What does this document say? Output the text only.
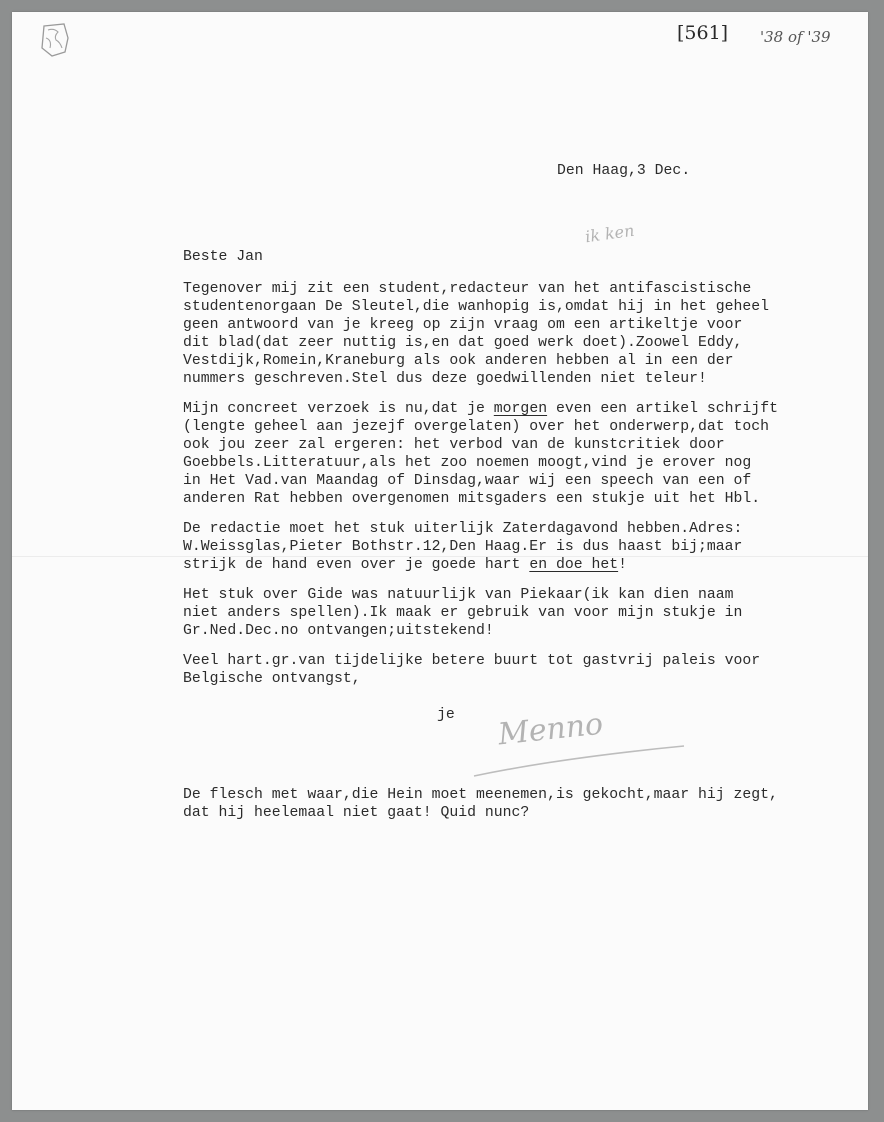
[561] '38 of '39
Den Haag,3 Dec.
ik ken
Beste Jan
Tegenover mij zit een student,redacteur van het antifascistische
studentenorgaan De Sleutel,die wanhopig is,omdat hij in het geheel
geen antwoord van je kreeg op zijn vraag om een artikeltje voor
dit blad(dat zeer nuttig is,en dat goed werk doet).Zoowel Eddy,
Vestdijk,Romein,Kraneburg als ook anderen hebben al in een der
nummers geschreven.Stel dus deze goedwillenden niet teleur!
Mijn concreet verzoek is nu,dat je morgen even een artikel schrijft
(lengte geheel aan jezejf overgelaten) over het onderwerp,dat toch
ook jou zeer zal ergeren: het verbod van de kunstcritiek door
Goebbels.Litteratuur,als het zoo noemen moogt,vind je erover nog
in Het Vad.van Maandag of Dinsdag,waar wij een speech van een of
anderen Rat hebben overgenomen mitsgaders een stukje uit het Hbl.
De redactie moet het stuk uiterlijk Zaterdagavond hebben.Adres:
W.Weissglas,Pieter Bothstr.12,Den Haag.Er is dus haast bij;maar
strijk de hand even over je goede hart en doe het!
Het stuk over Gide was natuurlijk van Piekaar(ik kan dien naam
niet anders spellen).Ik maak er gebruik van voor mijn stukje in
Gr.Ned.Dec.no ontvangen;uitstekend!
Veel hart.gr.van tijdelijke betere buurt tot gastvrij paleis voor
Belgische ontvangst,
je Menno
De flesch met waar,die Hein moet meenemen,is gekocht,maar hij zegt,
dat hij heelemaal niet gaat! Quid nunc?
